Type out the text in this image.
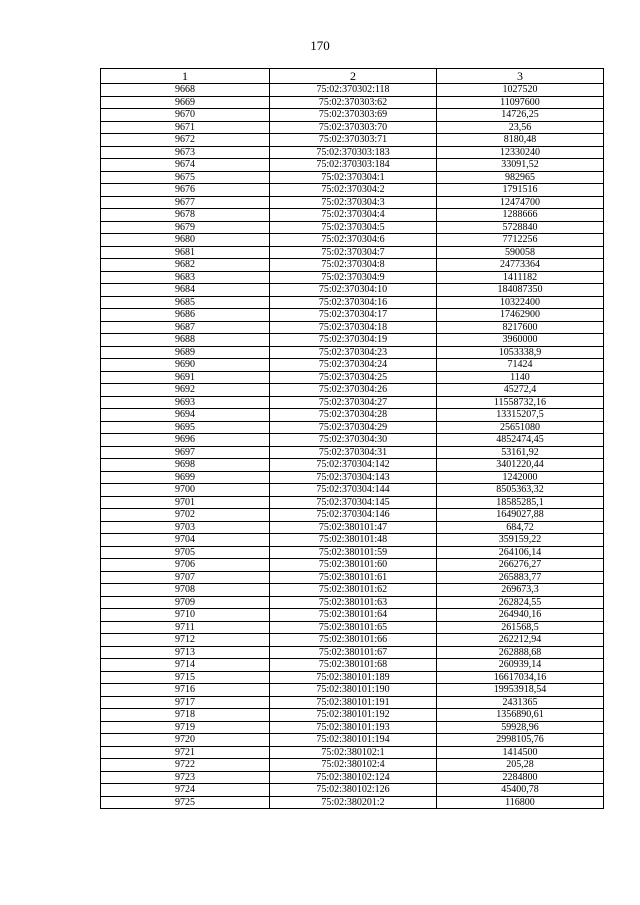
170
1	2	3
9668	75:02:370302:118	1027520
9669	75:02:370303:62	11097600
9670	75:02:370303:69	14726,25
9671	75:02:370303:70	23,56
9672	75:02:370303:71	8180,48
9673	75:02:370303:183	12330240
9674	75:02:370303:184	33091,52
9675	75:02:370304:1	982965
9676	75:02:370304:2	1791516
9677	75:02:370304:3	12474700
9678	75:02:370304:4	1288666
9679	75:02:370304:5	5728840
9680	75:02:370304:6	7712256
9681	75:02:370304:7	590058
9682	75:02:370304:8	24773364
9683	75:02:370304:9	1411182
9684	75:02:370304:10	184087350
9685	75:02:370304:16	10322400
9686	75:02:370304:17	17462900
9687	75:02:370304:18	8217600
9688	75:02:370304:19	3960000
9689	75:02:370304:23	1053338,9
9690	75:02:370304:24	71424
9691	75:02:370304:25	1140
9692	75:02:370304:26	45272,4
9693	75:02:370304:27	11558732,16
9694	75:02:370304:28	13315207,5
9695	75:02:370304:29	25651080
9696	75:02:370304:30	4852474,45
9697	75:02:370304:31	53161,92
9698	75:02:370304:142	3401220,44
9699	75:02:370304:143	1242000
9700	75:02:370304:144	8505363,32
9701	75:02:370304:145	18585285,1
9702	75:02:370304:146	1649027,88
9703	75:02:380101:47	684,72
9704	75:02:380101:48	359159,22
9705	75:02:380101:59	264106,14
9706	75:02:380101:60	266276,27
9707	75:02:380101:61	265883,77
9708	75:02:380101:62	269673,3
9709	75:02:380101:63	262824,55
9710	75:02:380101:64	264940,16
9711	75:02:380101:65	261568,5
9712	75:02:380101:66	262212,94
9713	75:02:380101:67	262888,68
9714	75:02:380101:68	260939,14
9715	75:02:380101:189	16617034,16
9716	75:02:380101:190	19953918,54
9717	75:02:380101:191	2431365
9718	75:02:380101:192	1356890,61
9719	75:02:380101:193	59928,96
9720	75:02:380101:194	2998105,76
9721	75:02:380102:1	1414500
9722	75:02:380102:4	205,28
9723	75:02:380102:124	2284800
9724	75:02:380102:126	45400,78
9725	75:02:380201:2	116800
